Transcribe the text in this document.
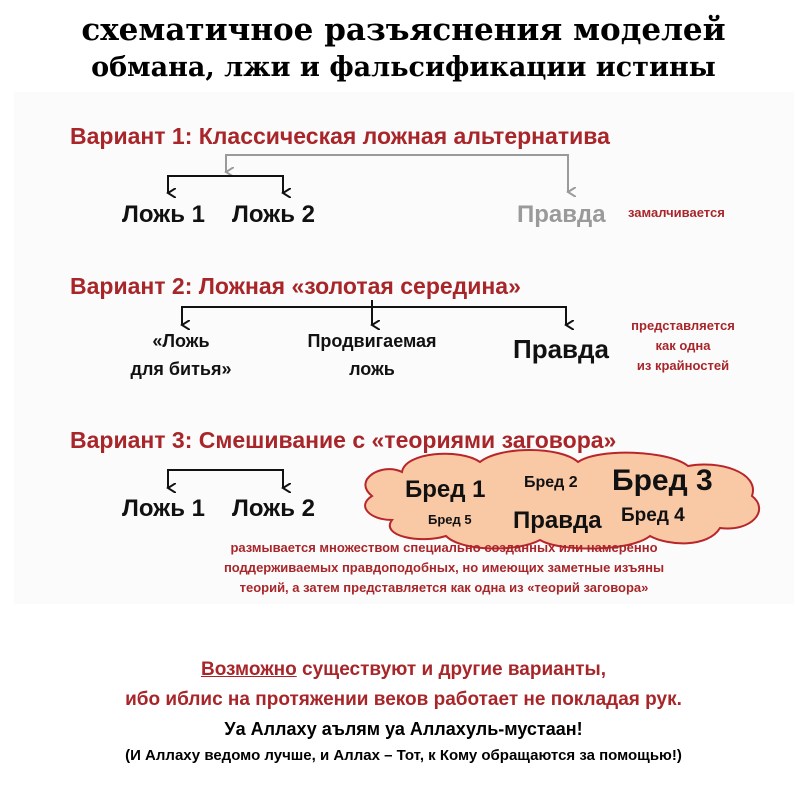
схематичное разъяснения моделей
обмана, лжи и фальсификации истины
Вариант 1: Классическая ложная альтернатива
Ложь 1 Ложь 2	Правда замалчивается
Вариант 2: Ложная «золотая середина»
«Ложь
для битья»
Продвигаемая
ложь
Правда
представляется
как одна
из крайностей
Вариант 3: Смешивание с «теориями заговора»
Ложь 1 Ложь 2
Бред 1 Бред 2 Бред 3
Бред 4
Бред 5 Правда
размывается множеством специально созданных или намеренно
поддерживаемых правдоподобных, но имеющих заметные изъяны
теорий, а затем представляется как одна из «теорий заговора»
Возможно существуют и другие варианты,
ибо иблис на протяжении веков работает не покладая рук.
Уа Аллаху аълям уа Аллахуль-мустаан!
(И Аллаху ведомо лучше, и Аллах – Тот, к Кому обращаются за помощью!)
